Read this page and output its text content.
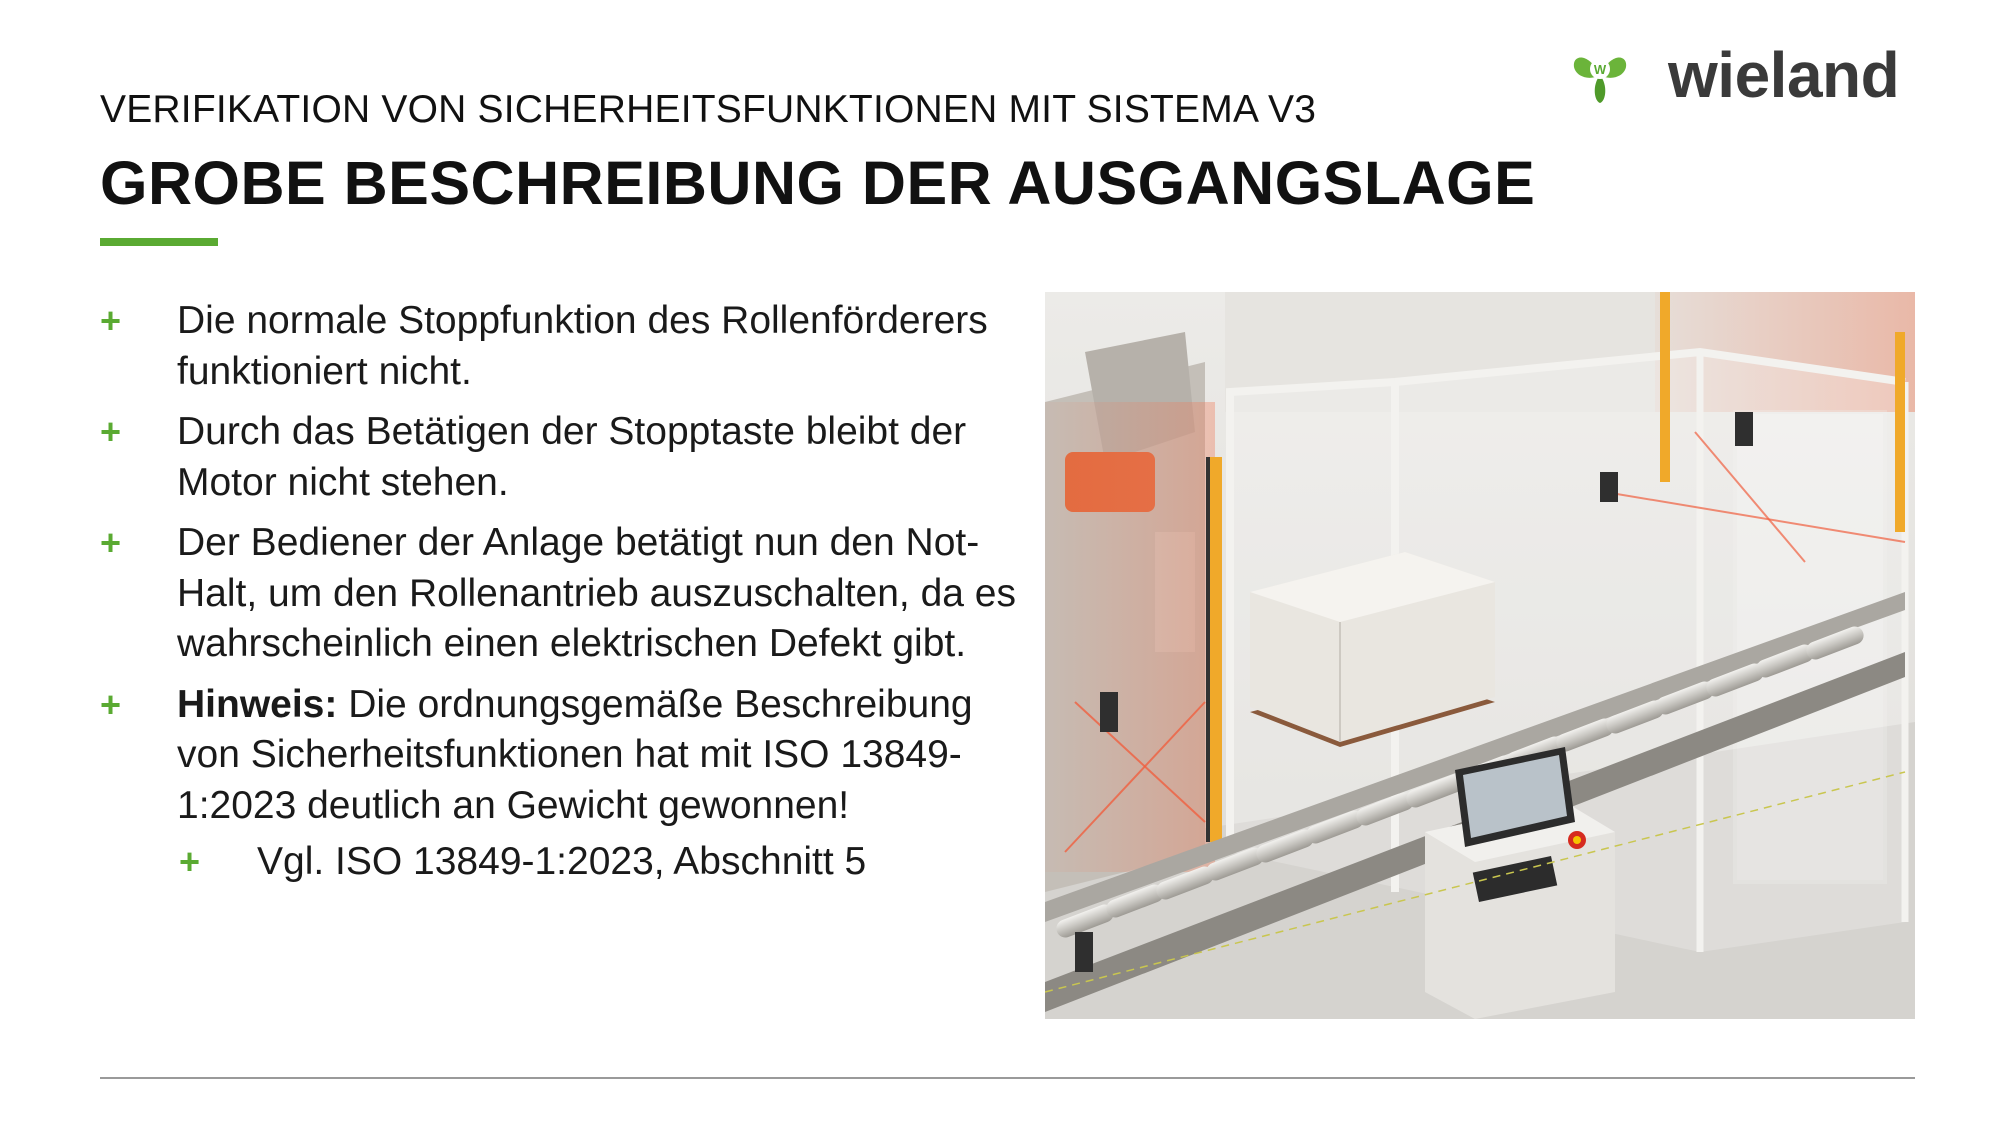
VERIFIKATION VON SICHERHEITSFUNKTIONEN MIT SISTEMA V3
GROBE BESCHREIBUNG DER AUSGANGSLAGE
W wieland
+ Die normale Stoppfunktion des Rollenförderers funktioniert nicht.
+ Durch das Betätigen der Stopptaste bleibt der Motor nicht stehen.
+ Der Bediener der Anlage betätigt nun den Not-Halt, um den Rollenantrieb auszuschalten, da es wahrscheinlich einen elektrischen Defekt gibt.
+ Hinweis: Die ordnungsgemäße Beschreibung von Sicherheitsfunktionen hat mit ISO 13849-1:2023 deutlich an Gewicht gewonnen!
+ Vgl. ISO 13849-1:2023, Abschnitt 5
